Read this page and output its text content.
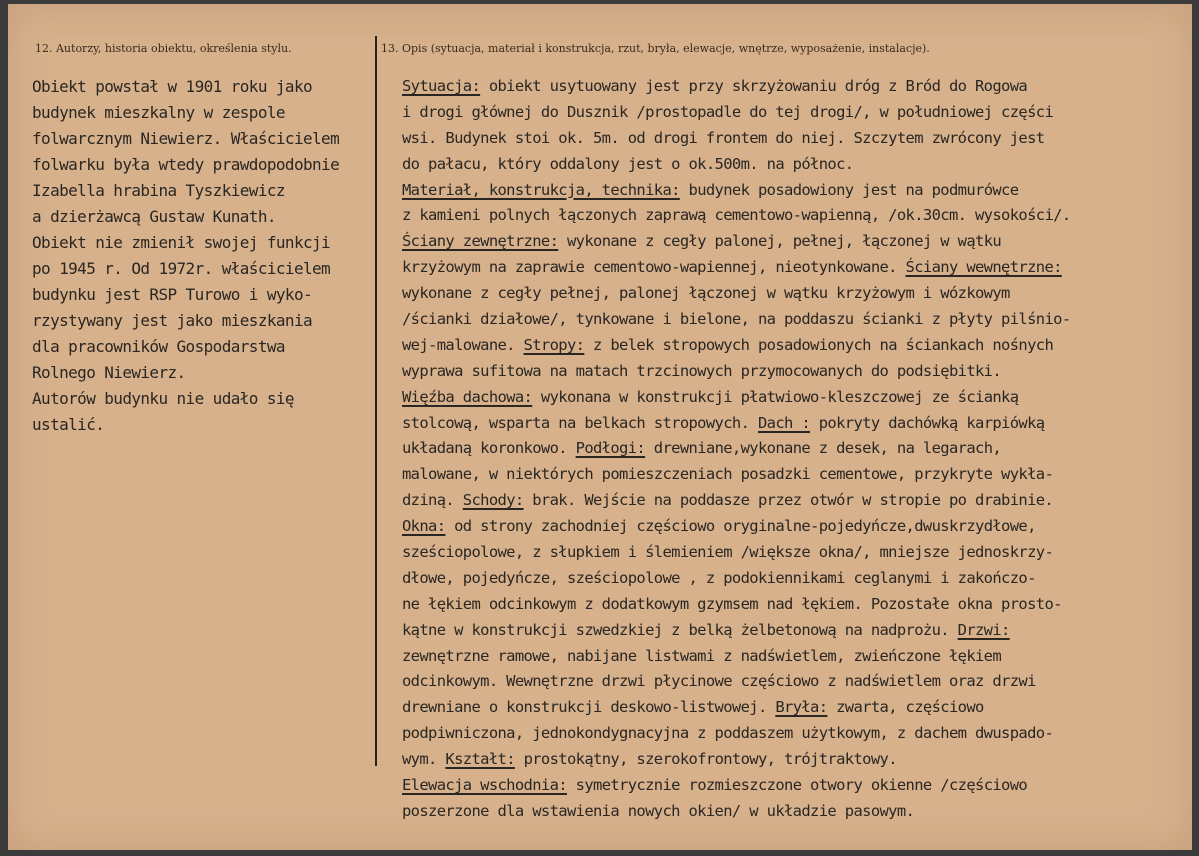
12. Autorzy, historia obiektu, określenia stylu.	13. Opis (sytuacja, materiał i konstrukcja, rzut, bryła, elewacje, wnętrze, wyposażenie, instalacje).
Obiekt powstał w 1901 roku jako
budynek mieszkalny w zespole
folwarcznym Niewierz. Właścicielem
folwarku była wtedy prawdopodobnie
Izabella hrabina Tyszkiewicz
a dzierżawcą Gustaw Kunath.
Obiekt nie zmienił swojej funkcji
po 1945 r. Od 1972r. właścicielem
budynku jest RSP Turowo i wyko-
rzystywany jest jako mieszkania
dla pracowników Gospodarstwa
Rolnego Niewierz.
Autorów budynku nie udało się
ustalić.
Sytuacja: obiekt usytuowany jest przy skrzyżowaniu dróg z Bród do Rogowa
i drogi głównej do Dusznik /prostopadle do tej drogi/, w południowej części
wsi. Budynek stoi ok. 5m. od drogi frontem do niej. Szczytem zwrócony jest
do pałacu, który oddalony jest o ok.500m. na północ.
Materiał, konstrukcja, technika: budynek posadowiony jest na podmurówce
z kamieni polnych łączonych zaprawą cementowo-wapienną, /ok.30cm. wysokości/.
Ściany zewnętrzne: wykonane z cegły palonej, pełnej, łączonej w wątku
krzyżowym na zaprawie cementowo-wapiennej, nieotynkowane. Ściany wewnętrzne:
wykonane z cegły pełnej, palonej łączonej w wątku krzyżowym i wózkowym
/ścianki działowe/, tynkowane i bielone, na poddaszu ścianki z płyty pilśnio-
wej-malowane. Stropy: z belek stropowych posadowionych na ściankach nośnych
wyprawa sufitowa na matach trzcinowych przymocowanych do podsiębitki.
Więźba dachowa: wykonana w konstrukcji płatwiowo-kleszczowej ze ścianką
stolcową, wsparta na belkach stropowych. Dach : pokryty dachówką karpiówką
układaną koronkowo. Podłogi: drewniane,wykonane z desek, na legarach,
malowane, w niektórych pomieszczeniach posadzki cementowe, przykryte wykła-
dziną. Schody: brak. Wejście na poddasze przez otwór w stropie po drabinie.
Okna: od strony zachodniej częściowo oryginalne-pojedyńcze,dwuskrzydłowe,
sześciopolowe, z słupkiem i ślemieniem /większe okna/, mniejsze jednoskrzy-
dłowe, pojedyńcze, sześciopolowe , z podokiennikami ceglanymi i zakończo-
ne łękiem odcinkowym z dodatkowym gzymsem nad łękiem. Pozostałe okna prosto-
kątne w konstrukcji szwedzkiej z belką żelbetonową na nadprożu. Drzwi:
zewnętrzne ramowe, nabijane listwami z nadświetlem, zwieńczone łękiem
odcinkowym. Wewnętrzne drzwi płycinowe częściowo z nadświetlem oraz drzwi
drewniane o konstrukcji deskowo-listwowej. Bryła: zwarta, częściowo
podpiwniczona, jednokondygnacyjna z poddaszem użytkowym, z dachem dwuspado-
wym. Kształt: prostokątny, szerokofrontowy, trójtraktowy.
Elewacja wschodnia: symetrycznie rozmieszczone otwory okienne /częściowo
poszerzone dla wstawienia nowych okien/ w układzie pasowym.
